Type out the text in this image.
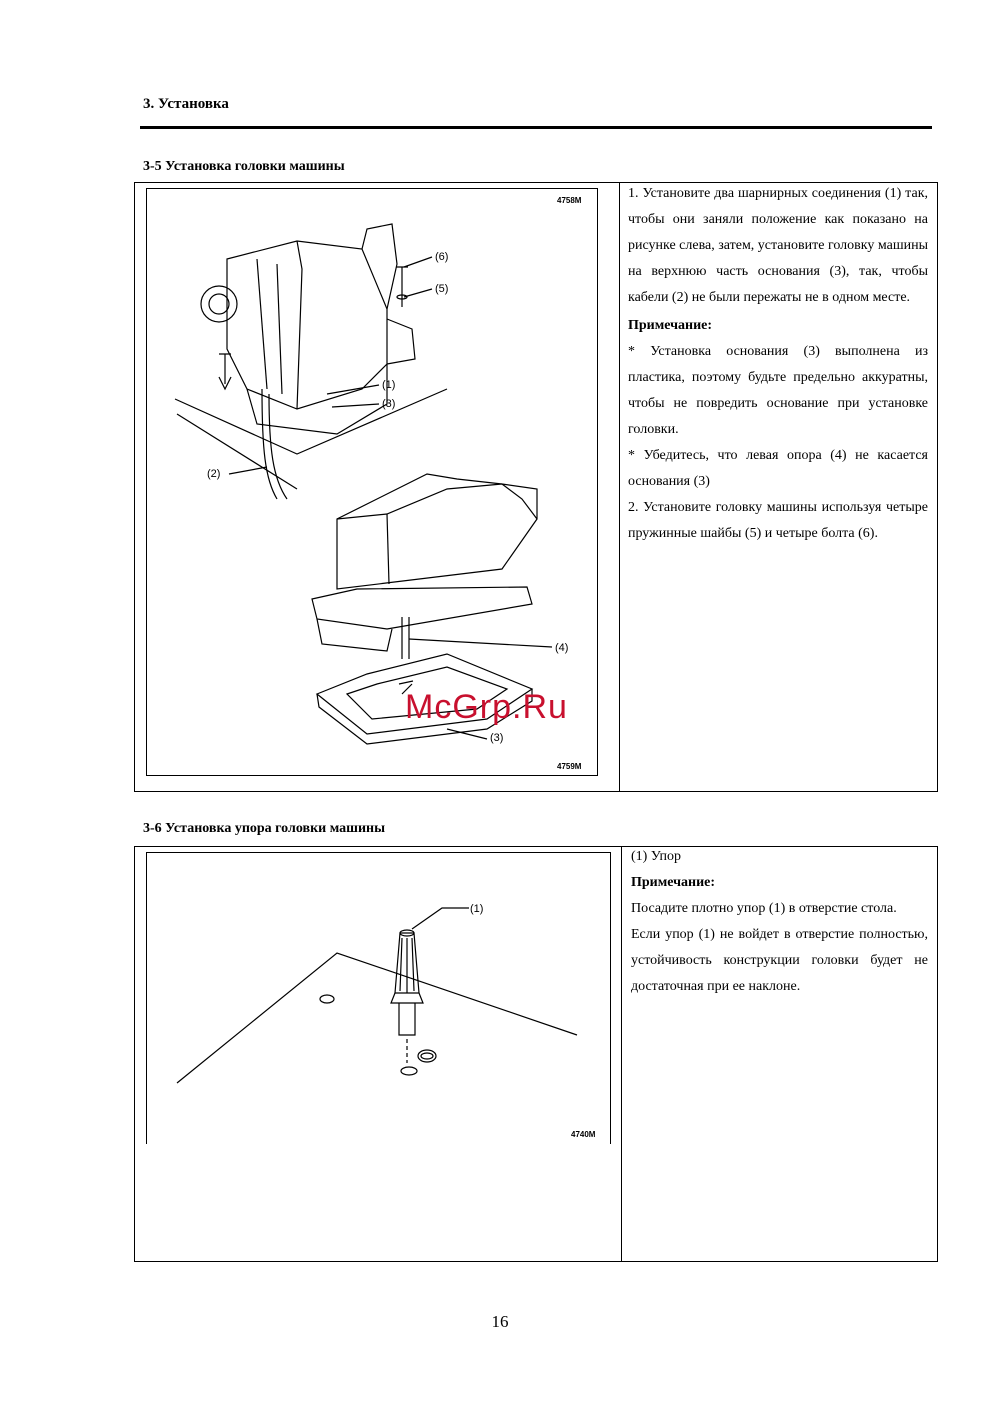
3. Установка
3-5 Установка головки машины
4758M
4759M
(6)
(5)
(1)
(3)
(2)
(4)
(3)
McGrp.Ru

1. Установите два шарнирных соединения (1) так, чтобы они заняли положение как показано на рисунке слева, затем, установите головку машины на верхнюю часть основания (3), так, чтобы кабели (2) не были пережаты не в одном месте.

Примечание:

* Установка основания (3) выполнена из пластика, поэтому будьте предельно аккуратны, чтобы не повредить основание при установке головки.

* Убедитесь, что левая опора (4) не касается основания (3)

2. Установите головку машины используя четыре пружинные шайбы (5) и четыре болта (6).

3-6 Установка упора головки машины
(1)
4740M

(1) Упор

Примечание:

Посадите плотно упор (1) в отверстие стола.

Если упор (1) не войдет в отверстие полностью, устойчивость конструкции головки будет не достаточная при ее наклоне.

16
